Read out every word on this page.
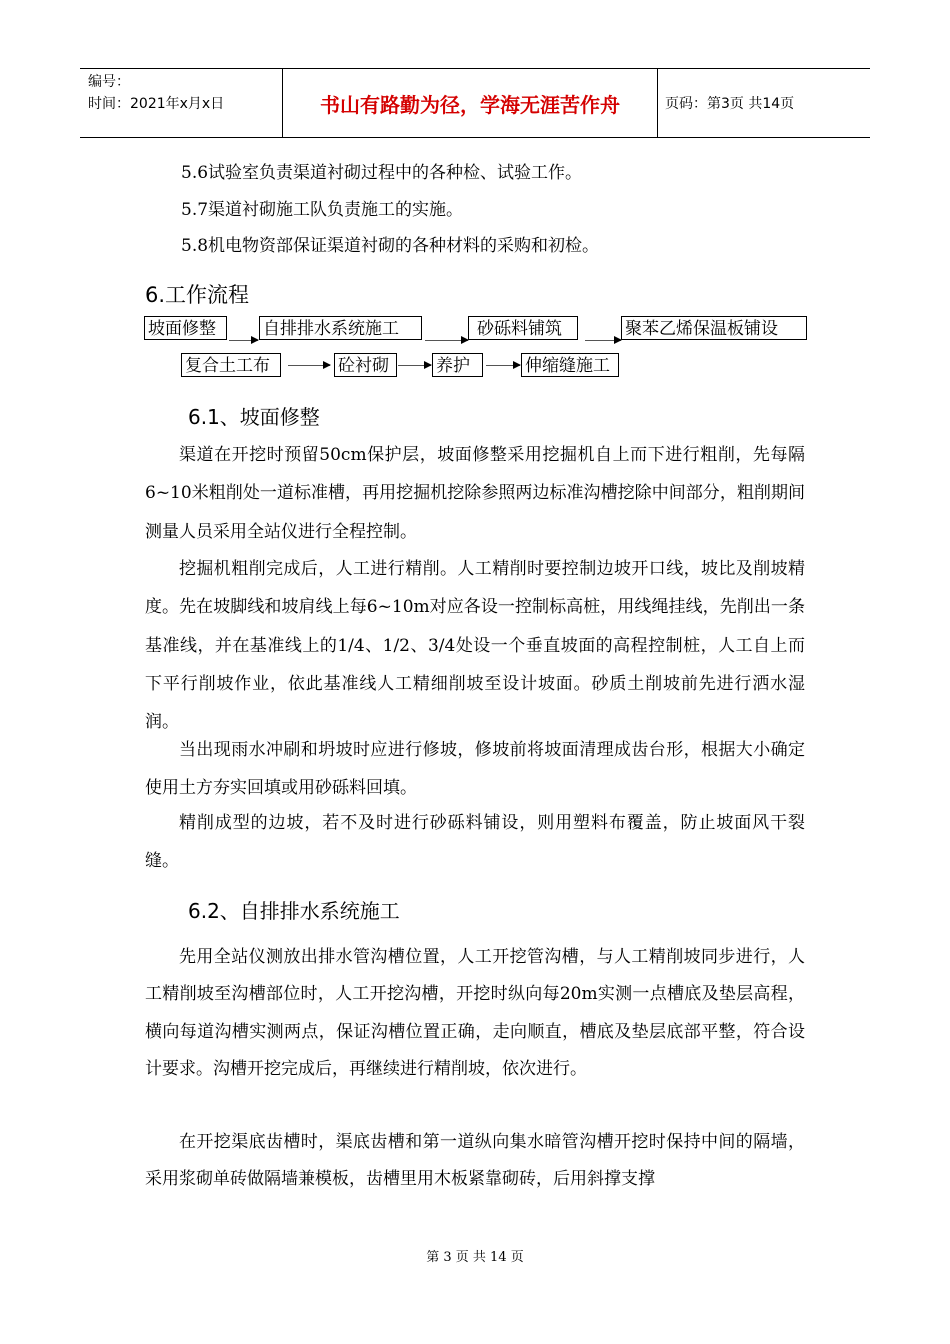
编号：
时间：2021年x月x日	书山有路勤为径，学海无涯苦作舟	页码：第3页 共14页
5.6试验室负责渠道衬砌过程中的各种检、试验工作。
5.7渠道衬砌施工队负责施工的实施。
5.8机电物资部保证渠道衬砌的各种材料的采购和初检。
6.工作流程
坡面修整	自排排水系统施工	砂砾料铺筑	聚苯乙烯保温板铺设
复合土工布	砼衬砌	养护	伸缩缝施工
6.1、坡面修整

渠道在开挖时预留50cm保护层，坡面修整采用挖掘机自上而下进行粗削，先每隔6~10米粗削处一道标准槽，再用挖掘机挖除参照两边标准沟槽挖除中间部分，粗削期间测量人员采用全站仪进行全程控制。

挖掘机粗削完成后，人工进行精削。人工精削时要控制边坡开口线，坡比及削坡精度。先在坡脚线和坡肩线上每6~10m对应各设一控制标高桩，用线绳挂线，先削出一条基准线，并在基准线上的1/4、1/2、3/4处设一个垂直坡面的高程控制桩，人工自上而下平行削坡作业，依此基准线人工精细削坡至设计坡面。砂质土削坡前先进行洒水湿润。

当出现雨水冲刷和坍坡时应进行修坡，修坡前将坡面清理成齿台形，根据大小确定使用土方夯实回填或用砂砾料回填。

精削成型的边坡，若不及时进行砂砾料铺设，则用塑料布覆盖，防止坡面风干裂缝。

6.2、自排排水系统施工

先用全站仪测放出排水管沟槽位置，人工开挖管沟槽，与人工精削坡同步进行，人工精削坡至沟槽部位时，人工开挖沟槽，开挖时纵向每20m实测一点槽底及垫层高程，横向每道沟槽实测两点，保证沟槽位置正确，走向顺直，槽底及垫层底部平整，符合设计要求。沟槽开挖完成后，再继续进行精削坡，依次进行。

在开挖渠底齿槽时，渠底齿槽和第一道纵向集水暗管沟槽开挖时保持中间的隔墙，采用浆砌单砖做隔墙兼模板，齿槽里用木板紧靠砌砖，后用斜撑支撑

第 3 页 共 14 页
